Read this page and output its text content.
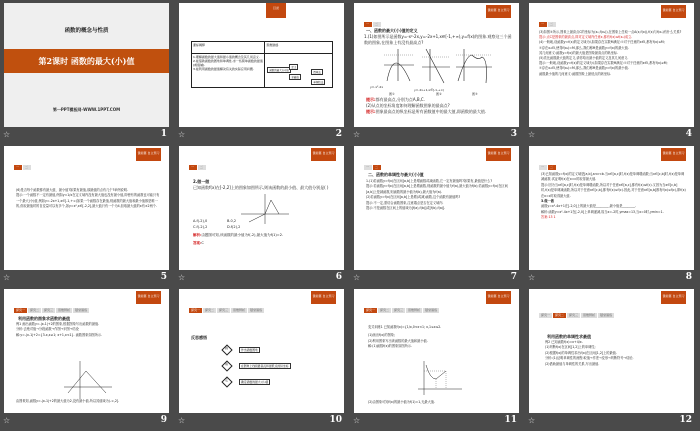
函数的概念与性质
第2课时 函数的最大(小)值
第一PPT模板网-WWW.1PPT.COM
☆	1
目录
课标阐释	思维脉络

1.理解函数的最大值和最小值的概念及其几何意义.
2.能借助函数的图象和单调性,求一些简单函数的最值(或值域).
3.能利用函数的最值解决有关的实际应用问题.	函数的最大(小)值
定义
求最值
图象法
单调性法
☆	2
课前篇 自主预习
一	二
一、函数的最大(小)值的定义
1.(1)如图所示是函数y=-x²-2x,y=-2x+1,x∈[-1,+∞),y=f(x)的图象.观察这三个函数的图象,在图象上有没有最高点?
y=-x²-2x
y=-2x+1,x∈[-1,+∞)
图①	图②	图③
提示:都有最高点,分别为点A,B,C.
(2)从点的坐标角度如何理解函数图象的最高点?
提示:图象最高点的纵坐标是所有函数值中的最大值,即函数的最大值.
☆	3
课前篇 自主预习
一	二
(3)如图③所示,图象上最高点C的坐标为(x₀,f(x₀)),在图象上任取一点A(x,f(x)),f(x)与f(x₀)有什么关系?
提示:点C是图象的最高点,即对定义域内任意x,都有f(x)≤f(x₀)成立.
(4)一般地,设函数y=f(x)的定义域为I,如果存在实数M满足:①对于任意的x∈I,都有f(x)≤M;
②存在x₀∈I,使得f(x₀)=M,那么,我们称M是函数y=f(x)的最大值.
其几何意义:函数y=f(x)的最大值是图象最高点的纵坐标.
(5)类比函数最大值的定义,请你给出最小值的定义及其几何意义.
提示:一般地,设函数y=f(x)的定义域为I,如果存在实数M满足:①对于任意的x∈I,都有f(x)≥M;
②存在x₀∈I,使得f(x₀)=M,那么,我们称M是函数y=f(x)的最小值.
函数最小值的几何意义:函数图象上最低点的纵坐标.
☆	4
课前篇 自主预习
一	二
(6)是否每个函数都有最大值、最小值?如果有最值,那最值的点有几个?举例说明.
提示:一个函数不一定有最值,例如y=1/x在定义域内没有最大值也没有最小值,即使有的函数也可能只有一个最大(小)值,例如y=-2x+1,x∈[-1,+∞)如果一个函数存在最值,则函数的最大值和最小值都是唯一的,但取最值时的自变量可以有多个,如y=x²,x∈[-2,2],最大值只有一个为4,但取最大值的x有±2两个.
☆	5
课前篇 自主预习
一	二
2.做一做
已知函数f(x)在[-2,2]上的图象如图所示,则该函数的最小值、最大值分别是( )
A.f(-2),0	B.0,2
C.f(-2),2	D.f(2),2
解析:由题图可知,该函数的最小值为f(-2),最大值为f(1)=2.
答案:C
☆	6
课前篇 自主预习
一	二
二、函数的单调性与最大(小)值
1.(1)若函数y=f(x)在区间[a,b]上是增函数或减函数,它一定有最值吗?如果有,最值是什么?
提示:若函数y=f(x)在区间[a,b]上是增函数,则函数的最小值为f(a),最大值为f(b);若函数y=f(x)在区间[a,b]上是减函数,则函数的最小值为f(b),最大值为f(a).
(2)若函数y=f(x)在区间[a,b]上是增(或减)函数,这个函数有最值吗?
提示:不一定,需结合函数图象,注意端点是否在定义域内.
提示:不是函数在区间上的值域为[f(a),f(b)]或[f(b),f(a)].
☆	7
课前篇 自主预习
一	二
(3)已知函数y=f(x)的定义域是[a,b],a<c<b.当x∈[a,c]时,f(x)是单调增函数;当x∈[c,b]时,f(x)是单调减函数.试证明f(x)在x=c时取得最大值.
提示:因为当x∈[a,c]时,f(x)是单调增函数,所以对于任意x∈[a,c],都有f(x)≤f(c).又因为当x∈[c,b]时,f(x)是单调减函数,所以对于任意x∈[c,b],都有f(x)≤f(c).因此,对于任意x∈[a,b]都有f(x)≤f(c),即f(x)在x=c时取得最大值.
3.做一做
函数y=x²-4x+1在[-2,0]上的最大值是________,最小值是________.
解析:函数y=x²-4x+1在[-2,0]上单调递减,故当x=-2时,ymax=13,当x=0时,ymin=1.
答案:13 1
☆	8
课前篇 自主预习
探究一	探究二	探究三	思维辨析	随堂演练
利用函数的图象求函数的最值
例1 画出函数y=-|x-1|+2的图象,根据图象写出函数的最值.
分析:去绝对值→分段函数→作图→识图→结论
解:y=-|x-1|+2={3-x,x≥1; x+1,x<1}. 函数图象如图所示.
由图象知,函数y=-|x-1|+2的最大值为2,没有最小值.所以其值域为(-∞,2].
☆	9
课前篇 自主预习
探究一	探究二	探究三	思维辨析	随堂演练
反思感悟
画	作出函数图象
看	在图象上找到最高点和最低点的纵坐标
定	确定函数的最大(小)值
☆	10
课前篇 自主预习
探究一	探究二	探究三	思维辨析	随堂演练
变式训练1 已知函数f(x)={1/x,0<x<1; x,1≤x≤2.
(1)画出f(x)的图象;
(2)利用图象写出该函数的最大值和最小值.
解:(1)函数f(x)的图象如图所示.
(2)由图象可知f(x)的最小值为f(1)=1,无最大值.
☆	11
课前篇 自主预习
探究一	探究二	探究三	思维辨析	随堂演练
利用函数的单调性求最值
例2 已知函数f(x)=x+4/x.
(1)判断f(x)在区间[1,2]上的单调性;
(2)根据f(x)的单调性求出f(x)在区间[1,2]上的最值.
分析:(1)证明单调性的流程:取值→作差→变形→判断符号→结论.
(2)借助最值与单调性的关系,写出最值.
☆	12
